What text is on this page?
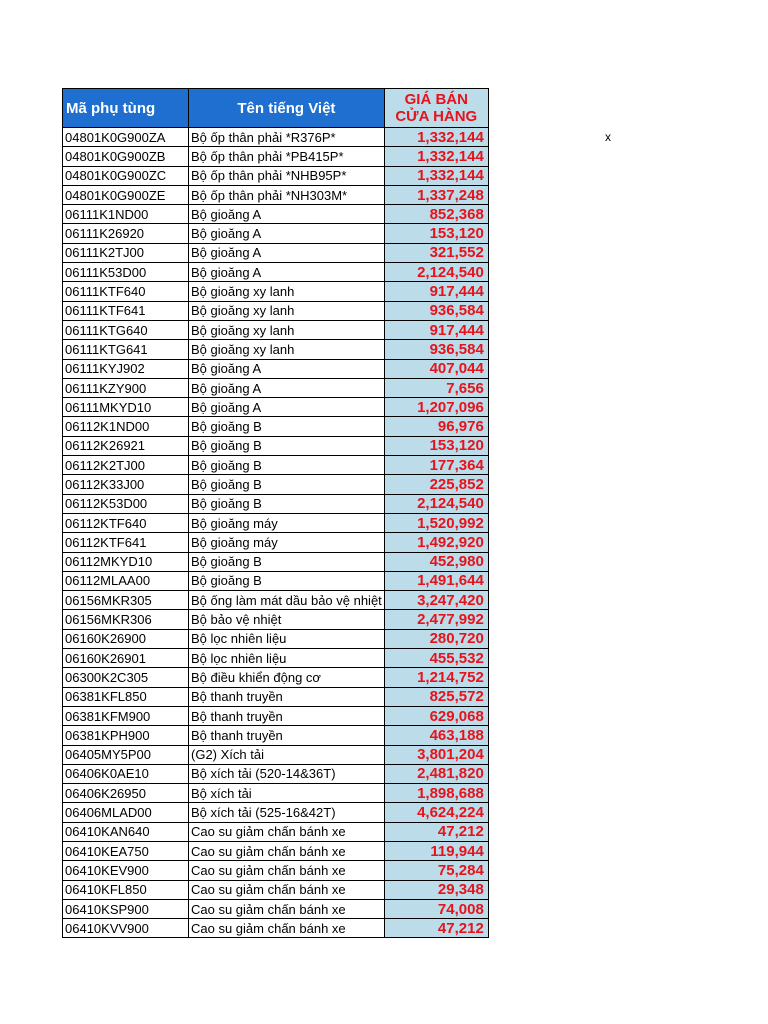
Mã phụ tùng	Tên tiếng Việt	GIÁ BÁN
CỬA HÀNG

04801K0G900ZA	Bộ ốp thân phải *R376P*	1,332,144
04801K0G900ZB	Bộ ốp thân phải *PB415P*	1,332,144
04801K0G900ZC	Bộ ốp thân phải *NHB95P*	1,332,144
04801K0G900ZE	Bộ ốp thân phải *NH303M*	1,337,248
06111K1ND00	Bộ gioăng A	852,368
06111K26920	Bộ gioăng A	153,120
06111K2TJ00	Bộ gioăng A	321,552
06111K53D00	Bộ gioăng A	2,124,540
06111KTF640	Bộ gioăng xy lanh	917,444
06111KTF641	Bộ gioăng xy lanh	936,584
06111KTG640	Bộ gioăng xy lanh	917,444
06111KTG641	Bộ gioăng xy lanh	936,584
06111KYJ902	Bộ gioăng A	407,044
06111KZY900	Bộ gioăng A	7,656
06111MKYD10	Bộ gioăng A	1,207,096
06112K1ND00	Bộ gioăng B	96,976
06112K26921	Bộ gioăng B	153,120
06112K2TJ00	Bộ gioăng B	177,364
06112K33J00	Bộ gioăng B	225,852
06112K53D00	Bộ gioăng B	2,124,540
06112KTF640	Bộ gioăng máy	1,520,992
06112KTF641	Bộ gioăng máy	1,492,920
06112MKYD10	Bộ gioăng B	452,980
06112MLAA00	Bộ gioăng B	1,491,644
06156MKR305	Bộ ống làm mát dầu bảo vệ nhiệt	3,247,420
06156MKR306	Bộ bảo vệ nhiệt	2,477,992
06160K26900	Bộ lọc nhiên liệu	280,720
06160K26901	Bộ lọc nhiên liệu	455,532
06300K2C305	Bộ điều khiển động cơ	1,214,752
06381KFL850	Bộ thanh truyền	825,572
06381KFM900	Bộ thanh truyền	629,068
06381KPH900	Bộ thanh truyền	463,188
06405MY5P00	(G2) Xích tải	3,801,204
06406K0AE10	Bộ xích tải (520-14&36T)	2,481,820
06406K26950	Bộ xích tải	1,898,688
06406MLAD00	Bộ xích tải (525-16&42T)	4,624,224
06410KAN640	Cao su giảm chấn bánh xe	47,212
06410KEA750	Cao su giảm chấn bánh xe	119,944
06410KEV900	Cao su giảm chấn bánh xe	75,284
06410KFL850	Cao su giảm chấn bánh xe	29,348
06410KSP900	Cao su giảm chấn bánh xe	74,008
06410KVV900	Cao su giảm chấn bánh xe	47,212
x
